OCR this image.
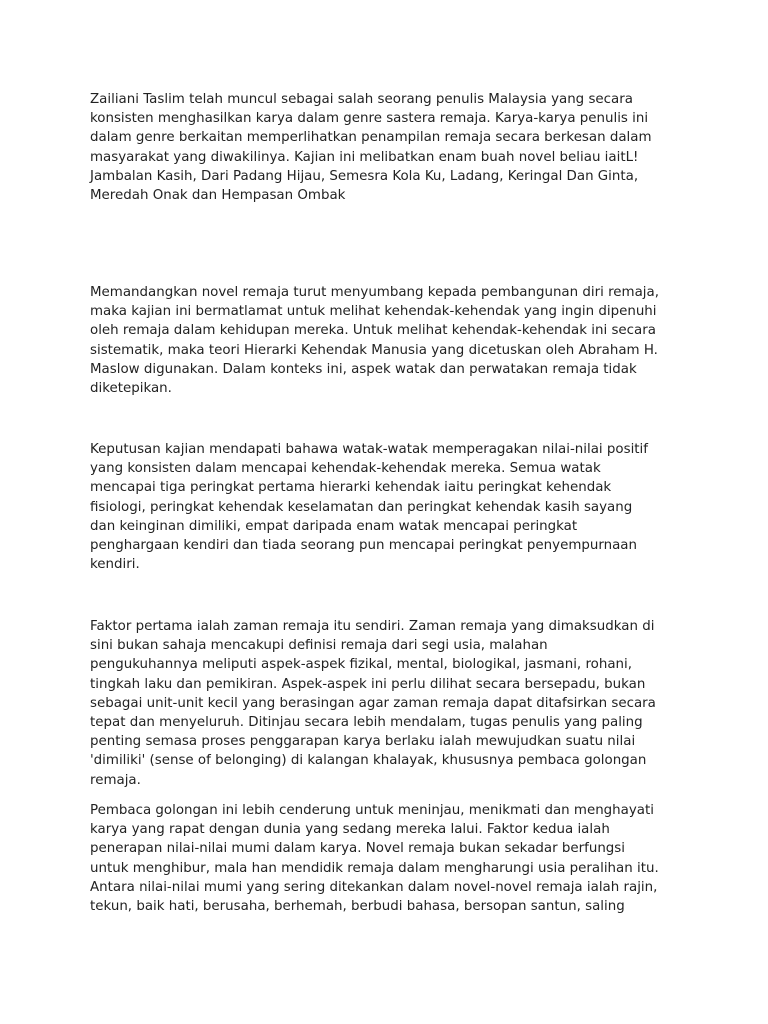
Zailiani Taslim telah muncul sebagai salah seorang penulis Malaysia yang secara
konsisten menghasilkan karya dalam genre sastera remaja. Karya-karya penulis ini
dalam genre berkaitan memperlihatkan penampilan remaja secara berkesan dalam
masyarakat yang diwakilinya. Kajian ini melibatkan enam buah novel beliau iaitL!
Jambalan Kasih, Dari Padang Hijau, Semesra Kola Ku, Ladang, Keringal Dan Ginta,
Meredah Onak dan Hempasan Ombak

Memandangkan novel remaja turut menyumbang kepada pembangunan diri remaja,
maka kajian ini bermatlamat untuk melihat kehendak-kehendak yang ingin dipenuhi
oleh remaja dalam kehidupan mereka. Untuk melihat kehendak-kehendak ini secara
sistematik, maka teori Hierarki Kehendak Manusia yang dicetuskan oleh Abraham H.
Maslow digunakan. Dalam konteks ini, aspek watak dan perwatakan remaja tidak
diketepikan.

Keputusan kajian mendapati bahawa watak-watak memperagakan nilai-nilai positif
yang konsisten dalam mencapai kehendak-kehendak mereka. Semua watak
mencapai tiga peringkat pertama hierarki kehendak iaitu peringkat kehendak
fisiologi, peringkat kehendak keselamatan dan peringkat kehendak kasih sayang
dan keinginan dimiliki, empat daripada enam watak mencapai peringkat
penghargaan kendiri dan tiada seorang pun mencapai peringkat penyempurnaan
kendiri.

Faktor pertama ialah zaman remaja itu sendiri. Zaman remaja yang dimaksudkan di
sini bukan sahaja mencakupi definisi remaja dari segi usia, malahan
pengukuhannya meliputi aspek-aspek fizikal, mental, biologikal, jasmani, rohani,
tingkah laku dan pemikiran. Aspek-aspek ini perlu dilihat secara bersepadu, bukan
sebagai unit-unit kecil yang berasingan agar zaman remaja dapat ditafsirkan secara
tepat dan menyeluruh. Ditinjau secara lebih mendalam, tugas penulis yang paling
penting semasa proses penggarapan karya berlaku ialah mewujudkan suatu nilai
'dimiliki' (sense of belonging) di kalangan khalayak, khususnya pembaca golongan
remaja.

Pembaca golongan ini lebih cenderung untuk meninjau, menikmati dan menghayati
karya yang rapat dengan dunia yang sedang mereka lalui. Faktor kedua ialah
penerapan nilai-nilai mumi dalam karya. Novel remaja bukan sekadar berfungsi
untuk menghibur, mala han mendidik remaja dalam mengharungi usia peralihan itu.
Antara nilai-nilai mumi yang sering ditekankan dalam novel-novel remaja ialah rajin,
tekun, baik hati, berusaha, berhemah, berbudi bahasa, bersopan santun, saling
